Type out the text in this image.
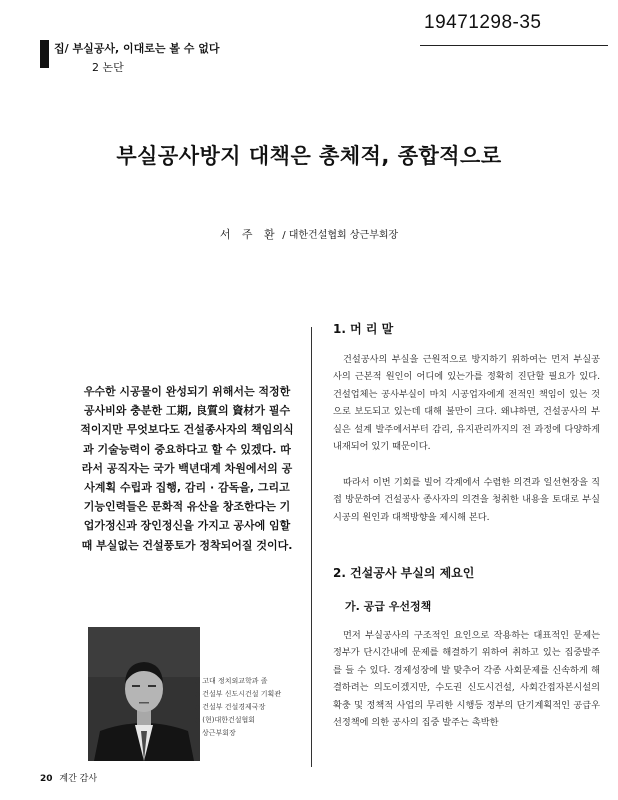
19471298-35
집/ 부실공사, 이대로는 볼 수 없다
2 논단
부실공사방지 대책은 총체적, 종합적으로
서 주 환 / 대한건설협회 상근부회장
우수한 시공물이 완성되기 위해서는 적정한 공사비와 충분한 工期, 良質의 資材가 필수적이지만 무엇보다도 건설종사자의 책임의식과 기술능력이 중요하다고 할 수 있겠다. 따라서 공직자는 국가 백년대계 차원에서의 공사계획 수립과 집행, 감리 · 감독을, 그리고 기능인력들은 문화적 유산을 창조한다는 기업가정신과 장인정신을 가지고 공사에 임할 때 부실없는 건설풍토가 정착되어질 것이다.
● 고대 정치외교학과 졸
● 건설부 신도시건설 기획관
● 건설부 건설경제국장
● (현)대한건설협회
상근부회장
20 계간 감사
1. 머 리 말

건설공사의 부실을 근원적으로 방지하기 위하여는 먼저 부실공사의 근본적 원인이 어디에 있는가를 정확히 진단할 필요가 있다. 건설업체는 공사부실이 마치 시공업자에게 전적인 책임이 있는 것으로 보도되고 있는데 대해 불만이 크다. 왜냐하면, 건설공사의 부실은 설계 발주에서부터 감리, 유지관리까지의 전 과정에 다양하게 내재되어 있기 때문이다.

따라서 이번 기회를 빌어 각계에서 수렴한 의견과 일선현장을 직접 방문하여 건설공사 종사자의 의견을 청취한 내용을 토대로 부실시공의 원인과 대책방향을 제시해 본다.

2. 건설공사 부실의 제요인
가. 공급 우선정책

먼저 부실공사의 구조적인 요인으로 작용하는 대표적인 문제는 정부가 단시간내에 문제를 해결하기 위하여 취하고 있는 집중발주를 들 수 있다. 경제성장에 발 맞추어 각종 사회문제를 신속하게 해결하려는 의도이겠지만, 수도권 신도시건설, 사회간접자본시설의 확충 및 정책적 사업의 무리한 시행등 정부의 단기계획적인 공급우선정책에 의한 공사의 집중 발주는 촉박한
